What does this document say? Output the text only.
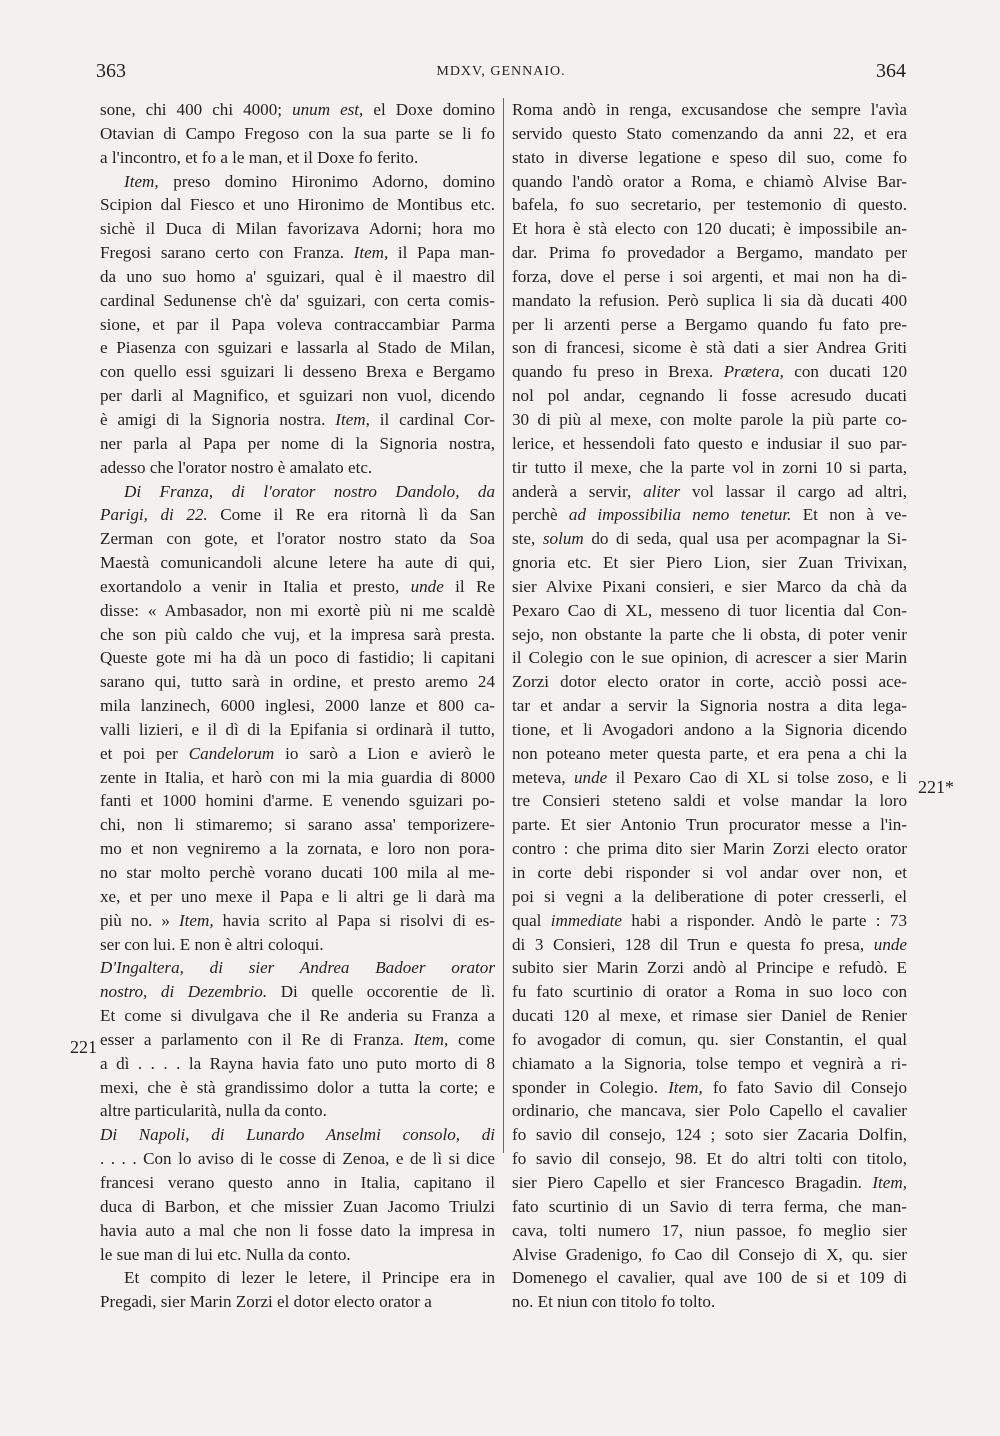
363	MDXV, GENNAIO.	364
sone, chi 400 chi 4000; unum est, el Doxe domino
Otavian di Campo Fregoso con la sua parte se li fo
a l'incontro, et fo a le man, et il Doxe fo ferito.
Item, preso domino Hironimo Adorno, domino
Scipion dal Fiesco et uno Hironimo de Montibus etc.
sichè il Duca di Milan favorizava Adorni; hora mo
Fregosi sarano certo con Franza. Item, il Papa man-
da uno suo homo a' sguizari, qual è il maestro dil
cardinal Sedunense ch'è da' sguizari, con certa comis-
sione, et par il Papa voleva contraccambiar Parma
e Piasenza con sguizari e lassarla al Stado de Milan,
con quello essi sguizari li desseno Brexa e Bergamo
per darli al Magnifico, et sguizari non vuol, dicendo
è amigi di la Signoria nostra. Item, il cardinal Cor-
ner parla al Papa per nome di la Signoria nostra,
adesso che l'orator nostro è amalato etc.
Di Franza, di l'orator nostro Dandolo, da
Parigi, di 22. Come il Re era ritornà lì da San
Zerman con gote, et l'orator nostro stato da Soa
Maestà comunicandoli alcune letere ha aute di qui,
exortandolo a venir in Italia et presto, unde il Re
disse: « Ambasador, non mi exortè più ni me scaldè
che son più caldo che vuj, et la impresa sarà presta.
Queste gote mi ha dà un poco di fastidio; li capitani
sarano qui, tutto sarà in ordine, et presto aremo 24
mila lanzinech, 6000 inglesi, 2000 lanze et 800 ca-
valli lizieri, e il dì di la Epifania si ordinarà il tutto,
et poi per Candelorum io sarò a Lion e avierò le
zente in Italia, et harò con mi la mia guardia di 8000
fanti et 1000 homini d'arme. E venendo sguizari po-
chi, non li stimaremo; si sarano assa' temporizere-
mo et non vegniremo a la zornata, e loro non pora-
no star molto perchè vorano ducati 100 mila al me-
xe, et per uno mexe il Papa e li altri ge li darà ma
più no. » Item, havia scrito al Papa si risolvi di es-
ser con lui. E non è altri coloqui.
D'Ingaltera, di sier Andrea Badoer orator
nostro, di Dezembrio. Di quelle occorentie de lì.
Et come si divulgava che il Re anderia su Franza a
esser a parlamento con il Re di Franza. Item, come
a dì . . . . la Rayna havia fato uno puto morto di 8
mexi, che è stà grandissimo dolor a tutta la corte; e
altre particularità, nulla da conto.
Di Napoli, di Lunardo Anselmi consolo, di
. . . . Con lo aviso di le cosse di Zenoa, e de lì si dice
francesi verano questo anno in Italia, capitano il
duca di Barbon, et che missier Zuan Jacomo Triulzi
havia auto a mal che non li fosse dato la impresa in
le sue man di lui etc. Nulla da conto.
Et compito di lezer le letere, il Principe era in
Pregadi, sier Marin Zorzi el dotor electo orator a
Roma andò in renga, excusandose che sempre l'avìa
servido questo Stato comenzando da anni 22, et era
stato in diverse legatione e speso dil suo, come fo
quando l'andò orator a Roma, e chiamò Alvise Bar-
bafela, fo suo secretario, per testemonio di questo.
Et hora è stà electo con 120 ducati; è impossibile an-
dar. Prima fo provedador a Bergamo, mandato per
forza, dove el perse i soi argenti, et mai non ha di-
mandato la refusion. Però suplica li sia dà ducati 400
per li arzenti perse a Bergamo quando fu fato pre-
son di francesi, sicome è stà dati a sier Andrea Griti
quando fu preso in Brexa. Prætera, con ducati 120
nol pol andar, cegnando li fosse acresudo ducati
30 di più al mexe, con molte parole la più parte co-
lerice, et hessendoli fato questo e indusiar il suo par-
tir tutto il mexe, che la parte vol in zorni 10 si parta,
anderà a servir, aliter vol lassar il cargo ad altri,
perchè ad impossibilia nemo tenetur. Et non à ve-
ste, solum do di seda, qual usa per acompagnar la Si-
gnoria etc. Et sier Piero Lion, sier Zuan Trivixan,
sier Alvixe Pixani consieri, e sier Marco da chà da
Pexaro Cao di XL, messeno di tuor licentia dal Con-
sejo, non obstante la parte che li obsta, di poter venir
il Colegio con le sue opinion, di acrescer a sier Marin
Zorzi dotor electo orator in corte, acciò possi ace-
tar et andar a servir la Signoria nostra a dita lega-
tione, et li Avogadori andono a la Signoria dicendo
non poteano meter questa parte, et era pena a chi la
meteva, unde il Pexaro Cao di XL si tolse zoso, e li
tre Consieri steteno saldi et volse mandar la loro
parte. Et sier Antonio Trun procurator messe a l'in-
contro : che prima dito sier Marin Zorzi electo orator
in corte debi risponder si vol andar over non, et
poi si vegni a la deliberatione di poter cresserli, el
qual immediate habi a risponder. Andò le parte : 73
di 3 Consieri, 128 dil Trun e questa fo presa, unde
subito sier Marin Zorzi andò al Principe e refudò. E
fu fato scurtinio di orator a Roma in suo loco con
ducati 120 al mexe, et rimase sier Daniel de Renier
fo avogador di comun, qu. sier Constantin, el qual
chiamato a la Signoria, tolse tempo et vegnirà a ri-
sponder in Colegio. Item, fo fato Savio dil Consejo
ordinario, che mancava, sier Polo Capello el cavalier
fo savio dil consejo, 124 ; soto sier Zacaria Dolfin,
fo savio dil consejo, 98. Et do altri tolti con titolo,
sier Piero Capello et sier Francesco Bragadin. Item,
fato scurtinio di un Savio di terra ferma, che man-
cava, tolti numero 17, niun passoe, fo meglio sier
Alvise Gradenigo, fo Cao dil Consejo di X, qu. sier
Domenego el cavalier, qual ave 100 de si et 109 di
no. Et niun con titolo fo tolto.
221
221*
